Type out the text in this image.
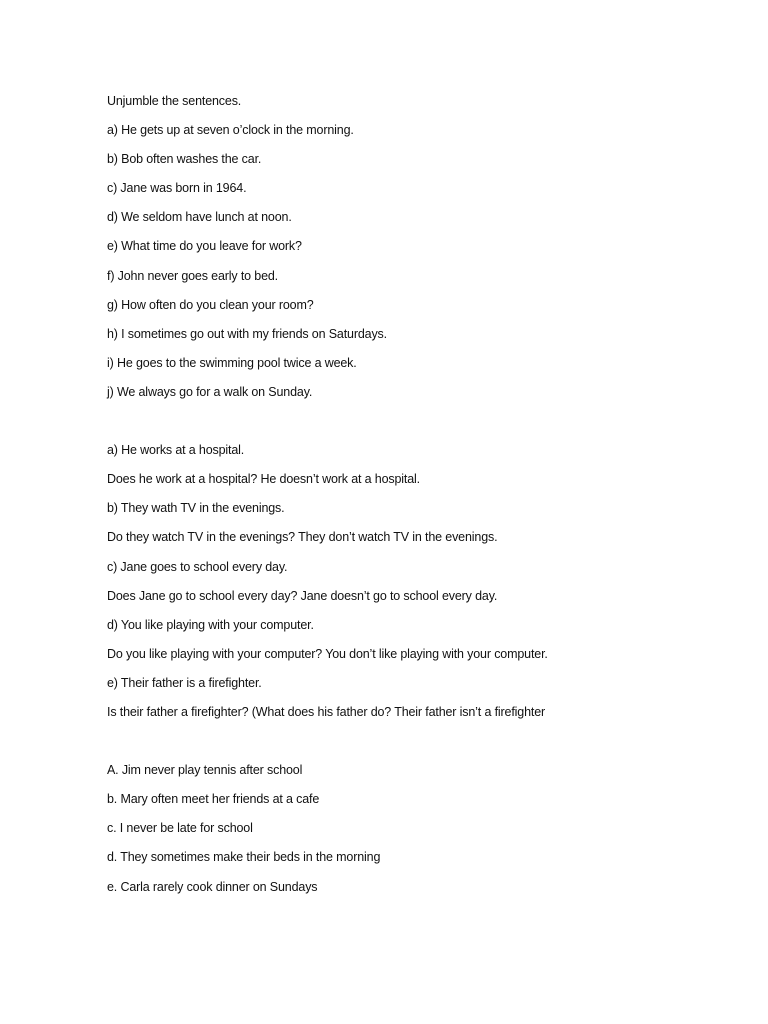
Unjumble the sentences.
a) He gets up at seven o’clock in the morning.
b) Bob often washes the car.
c) Jane was born in 1964.
d) We seldom have lunch at noon.
e) What time do you leave for work?
f) John never goes early to bed.
g) How often do you clean your room?
h) I sometimes go out with my friends on Saturdays.
i) He goes to the swimming pool twice a week.
j) We always go for a walk on Sunday.
a) He works at a hospital.
Does he work at a hospital? He doesn’t work at a hospital.
b) They wath TV in the evenings.
Do they watch TV in the evenings? They don’t watch TV in the evenings.
c) Jane goes to school every day.
Does Jane go to school every day? Jane doesn’t go to school every day.
d) You like playing with your computer.
Do you like playing with your computer? You don’t like playing with your computer.
e) Their father is a firefighter.
Is their father a firefighter? (What does his father do? Their father isn’t a firefighter
A. Jim never play tennis after school
b. Mary often meet her friends at a cafe
c. I never be late for school
d. They sometimes make their beds in the morning
e. Carla rarely cook dinner on Sundays
